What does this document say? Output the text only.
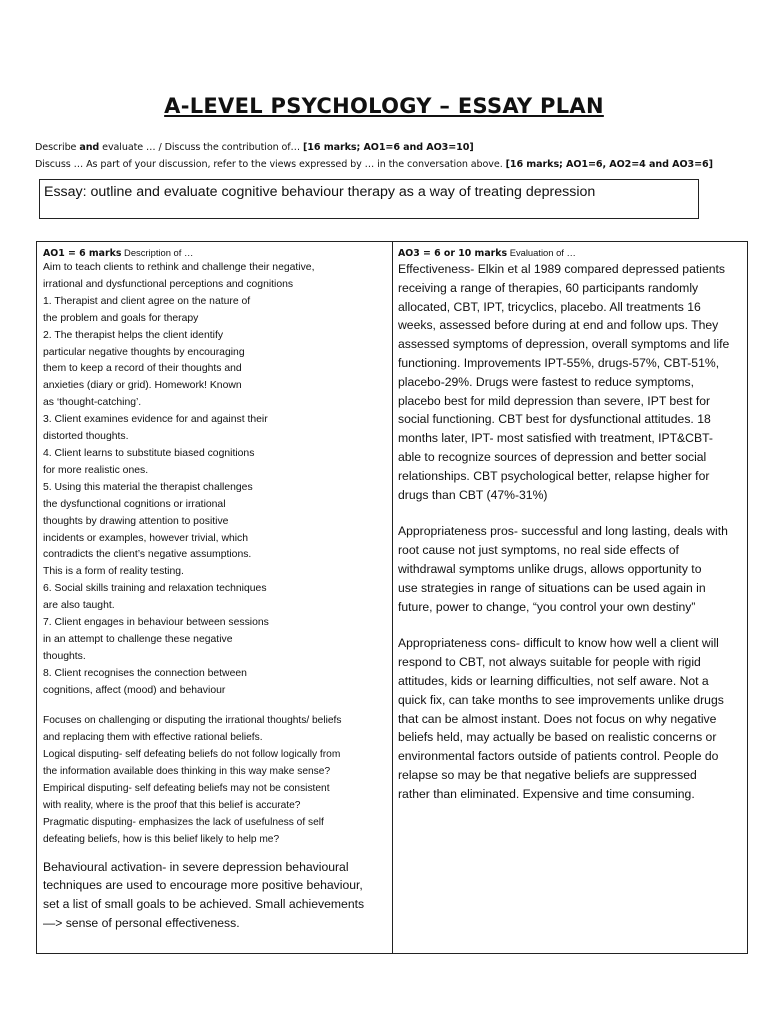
A-LEVEL PSYCHOLOGY – ESSAY PLAN
Describe and evaluate … / Discuss the contribution of… [16 marks; AO1=6 and AO3=10]
Discuss … As part of your discussion, refer to the views expressed by … in the conversation above. [16 marks; AO1=6, AO2=4 and AO3=6]
Essay: outline and evaluate cognitive behaviour therapy as a way of treating depression
AO1 = 6 marks Description of …
Aim to teach clients to rethink and challenge their negative,
irrational and dysfunctional perceptions and cognitions
1. Therapist and client agree on the nature of
the problem and goals for therapy
2. The therapist helps the client identify
particular negative thoughts by encouraging
them to keep a record of their thoughts and
anxieties (diary or grid). Homework! Known
as ‘thought-catching’.
3. Client examines evidence for and against their
distorted thoughts.
4. Client learns to substitute biased cognitions
for more realistic ones.
5. Using this material the therapist challenges
the dysfunctional cognitions or irrational
thoughts by drawing attention to positive
incidents or examples, however trivial, which
contradicts the client’s negative assumptions.
This is a form of reality testing.
6. Social skills training and relaxation techniques
are also taught.
7. Client engages in behaviour between sessions
in an attempt to challenge these negative
thoughts.
8. Client recognises the connection between
cognitions, affect (mood) and behaviour
Focuses on challenging or disputing the irrational thoughts/ beliefs
and replacing them with effective rational beliefs.
Logical disputing- self defeating beliefs do not follow logically from
the information available does thinking in this way make sense?
Empirical disputing- self defeating beliefs may not be consistent
with reality, where is the proof that this belief is accurate?
Pragmatic disputing- emphasizes the lack of usefulness of self
defeating beliefs, how is this belief likely to help me?
Behavioural activation- in severe depression behavioural
techniques are used to encourage more positive behaviour,
set a list of small goals to be achieved. Small achievements
—> sense of personal effectiveness.
AO3 = 6 or 10 marks Evaluation of …
Effectiveness- Elkin et al 1989 compared depressed patients
receiving a range of therapies, 60 participants randomly
allocated, CBT, IPT, tricyclics, placebo. All treatments 16
weeks, assessed before during at end and follow ups. They
assessed symptoms of depression, overall symptoms and life
functioning. Improvements IPT-55%, drugs-57%, CBT-51%,
placebo-29%. Drugs were fastest to reduce symptoms,
placebo best for mild depression than severe, IPT best for
social functioning. CBT best for dysfunctional attitudes. 18
months later, IPT- most satisfied with treatment, IPT&CBT-
able to recognize sources of depression and better social
relationships. CBT psychological better, relapse higher for
drugs than CBT (47%-31%)
Appropriateness pros- successful and long lasting, deals with
root cause not just symptoms, no real side effects of
withdrawal symptoms unlike drugs, allows opportunity to
use strategies in range of situations can be used again in
future, power to change, “you control your own destiny”
Appropriateness cons- difficult to know how well a client will
respond to CBT, not always suitable for people with rigid
attitudes, kids or learning difficulties, not self aware. Not a
quick fix, can take months to see improvements unlike drugs
that can be almost instant. Does not focus on why negative
beliefs held, may actually be based on realistic concerns or
environmental factors outside of patients control. People do
relapse so may be that negative beliefs are suppressed
rather than eliminated. Expensive and time consuming.
